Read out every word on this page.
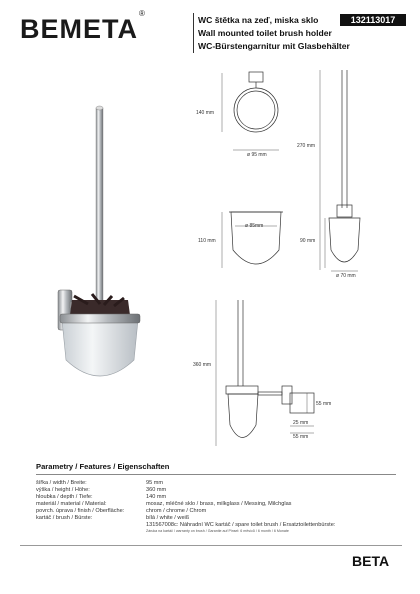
BEMETA®
WC štětka na zeď, miska sklo
Wall mounted toilet brush holder
WC-Bürstengarnitur mit Glasbehälter
132113017
140 mm
ø 95 mm
270 mm
ø 85mm
110 mm	90 mm
ø 70 mm
360 mm
55 mm
25 mm
55 mm
Parametry / Features / Eigenschaften
šířka / width / Breite:	95 mm
výška / height / Höhe:	360 mm
hloubka / depth / Tiefe:	140 mm
materiál / material / Material:	mosaz, mléčné sklo / brass, milkglass / Messing, Milchglas
povrch. úprava / finish / Oberfläche:	chrom / chrome / Chrom
kartáč / brush / Bürste:	bílá / white / weiß
131567008c: Náhradní WC kartáč / spare toilet brush / Ersatztoilettenbürste:
Záruka na kartáč / warranty on brush / Garantie auf Pinsel: 6 měsíců / 6 month / 6 Monate
BETA
